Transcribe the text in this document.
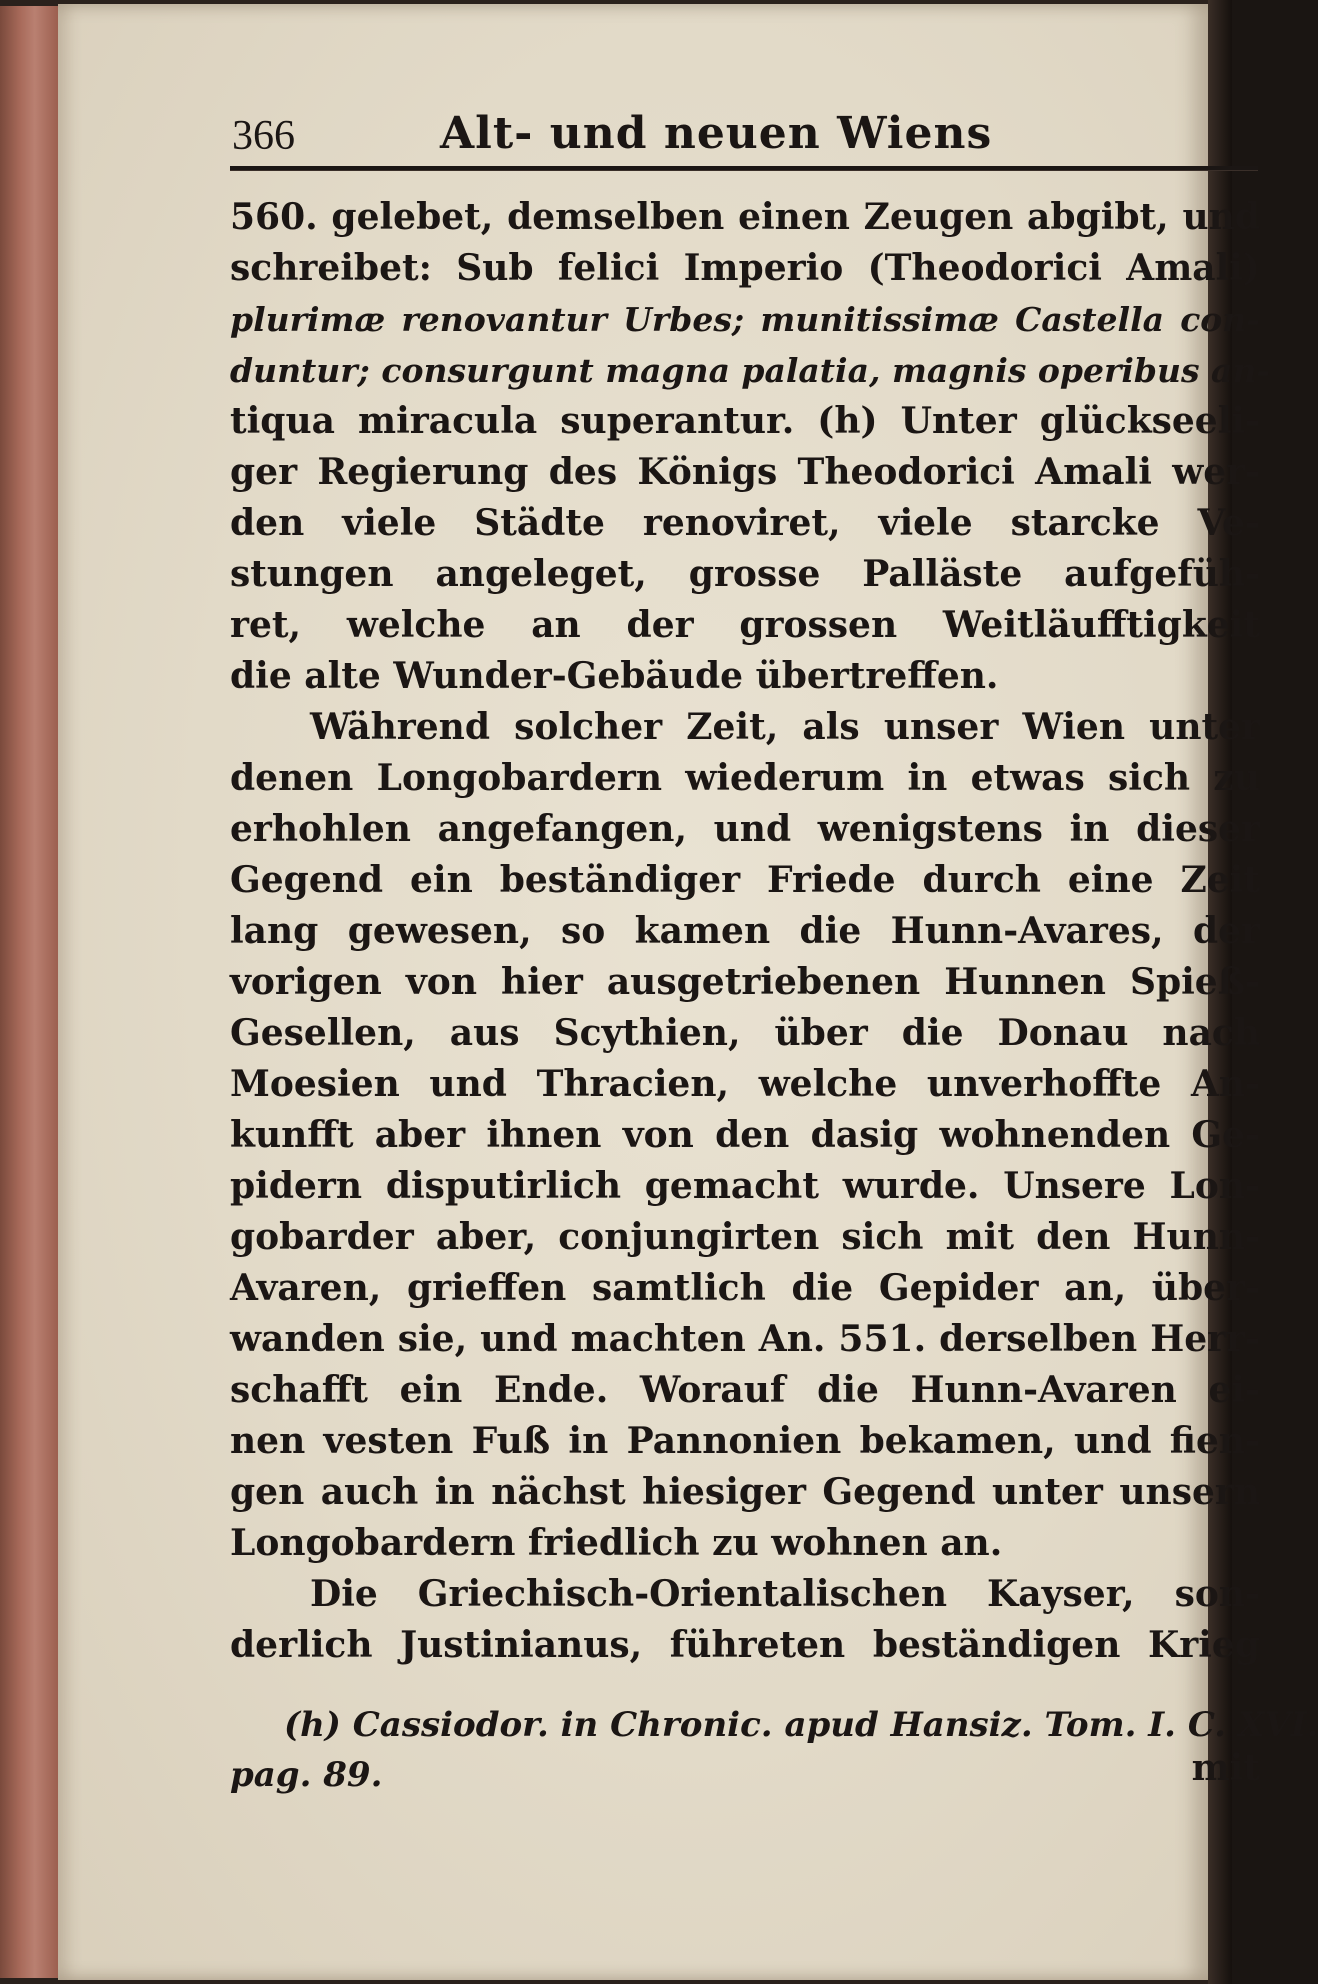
366	Alt- und neuen Wiens
560. gelebet, demselben einen Zeugen abgibt, und
schreibet: Sub felici Imperio (Theodorici Amali)
plurimæ renovantur Urbes; munitissimæ Castella con-
duntur; consurgunt magna palatia, magnis operibus an-
tiqua miracula superantur. (h) Unter glückseeli-
ger Regierung des Königs Theodorici Amali wer-
den viele Städte renoviret, viele starcke Ve-
stungen angeleget, grosse Palläste aufgefüh-
ret, welche an der grossen Weitläufftigkeit
die alte Wunder-Gebäude übertreffen.
Während solcher Zeit, als unser Wien unter
denen Longobardern wiederum in etwas sich zu
erhohlen angefangen, und wenigstens in dieser
Gegend ein beständiger Friede durch eine Zeit
lang gewesen, so kamen die Hunn-Avares, der
vorigen von hier ausgetriebenen Hunnen Spieß-
Gesellen, aus Scythien, über die Donau nach
Moesien und Thracien, welche unverhoffte An-
kunfft aber ihnen von den dasig wohnenden Ge-
pidern disputirlich gemacht wurde. Unsere Lon-
gobarder aber, conjungirten sich mit den Hunn-
Avaren, grieffen samtlich die Gepider an, über-
wanden sie, und machten An. 551. derselben Herr-
schafft ein Ende. Worauf die Hunn-Avaren ei-
nen vesten Fuß in Pannonien bekamen, und fien-
gen auch in nächst hiesiger Gegend unter unsern
Longobardern friedlich zu wohnen an.
Die Griechisch-Orientalischen Kayser, son-
derlich Justinianus, führeten beständigen Krieg
mit
(h) Cassiodor. in Chronic. apud Hansiz. Tom. I. C. XVI.
pag. 89.
